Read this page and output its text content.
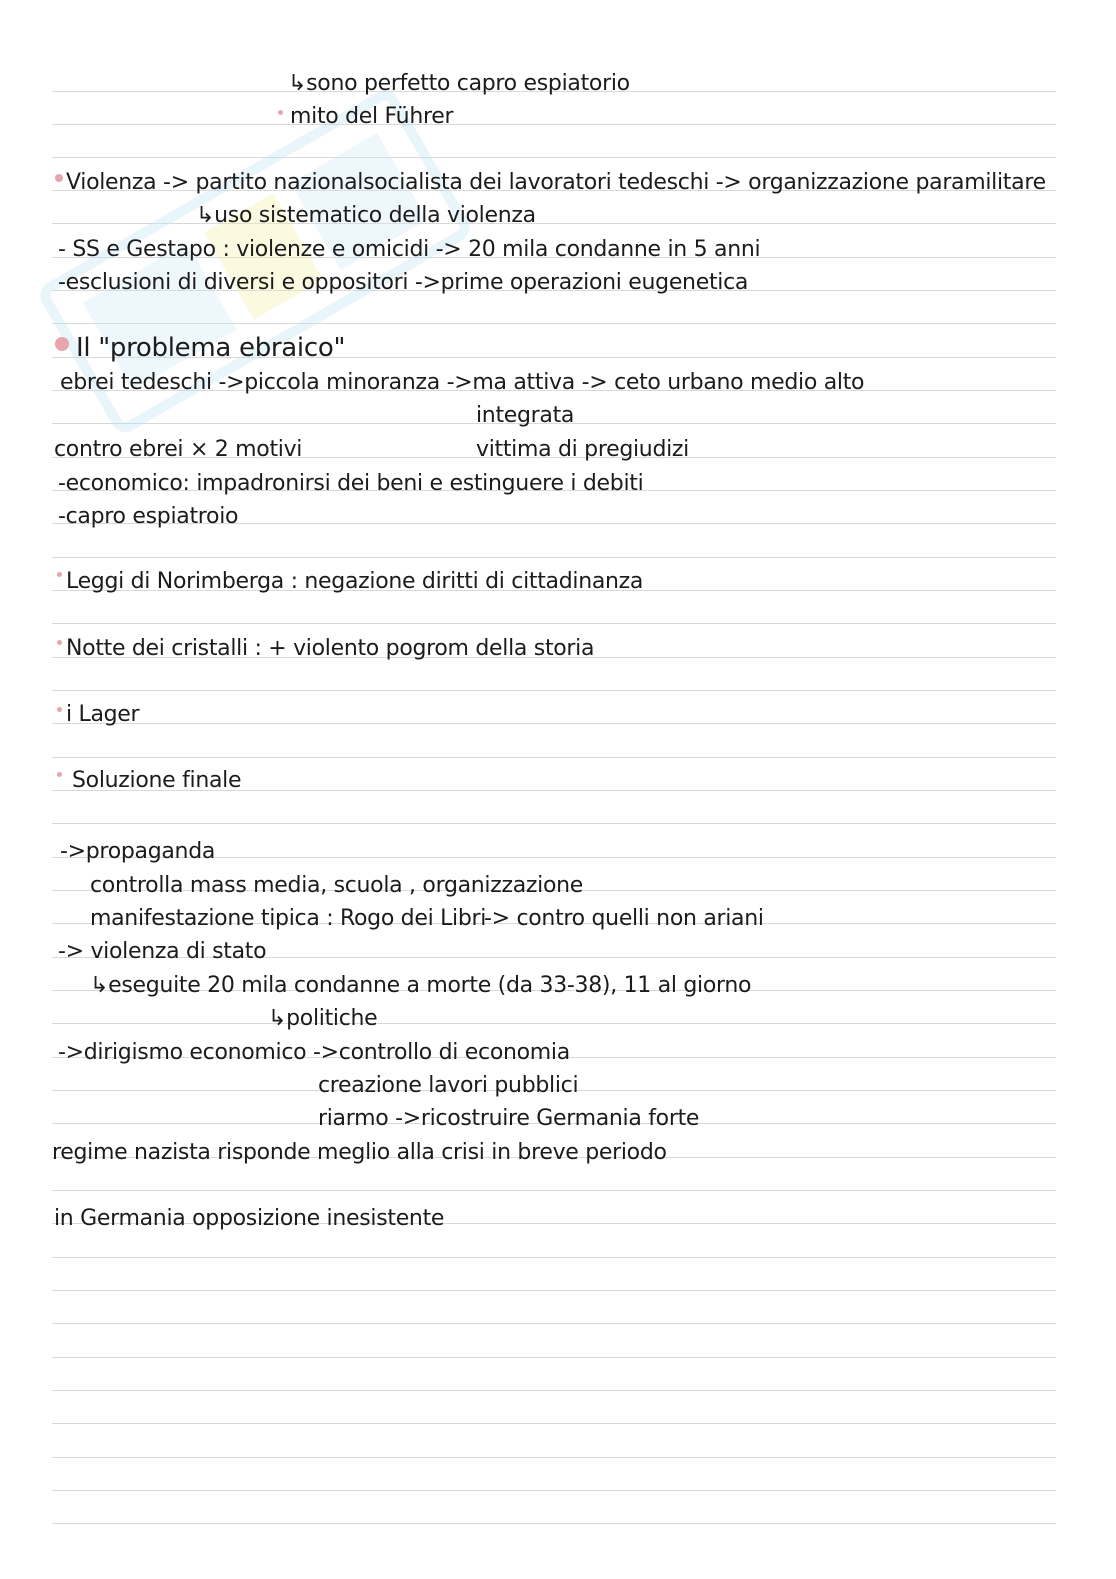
↳sono perfetto capro espiatorio
mito del Führer
Violenza -> partito nazionalsocialista dei lavoratori tedeschi -> organizzazione paramilitare
↳uso sistematico della violenza
- SS e Gestapo : violenze e omicidi -> 20 mila condanne in 5 anni
-esclusioni di diversi e oppositori ->prime operazioni eugenetica
Il "problema ebraico"
ebrei tedeschi ->piccola minoranza ->ma attiva -> ceto urbano medio alto
integrata
contro ebrei × 2 motivi	vittima di pregiudizi
-economico: impadronirsi dei beni e estinguere i debiti
-capro espiatroio
Leggi di Norimberga : negazione diritti di cittadinanza
Notte dei cristalli : + violento pogrom della storia
i Lager
Soluzione finale
->propaganda
controlla mass media, scuola , organizzazione
manifestazione tipica : Rogo dei Libri
-> contro quelli non ariani
-> violenza di stato
↳eseguite 20 mila condanne a morte (da 33-38), 11 al giorno
↳politiche
->dirigismo economico ->controllo di economia
creazione lavori pubblici
riarmo ->ricostruire Germania forte
regime nazista risponde meglio alla crisi in breve periodo
in Germania opposizione inesistente
